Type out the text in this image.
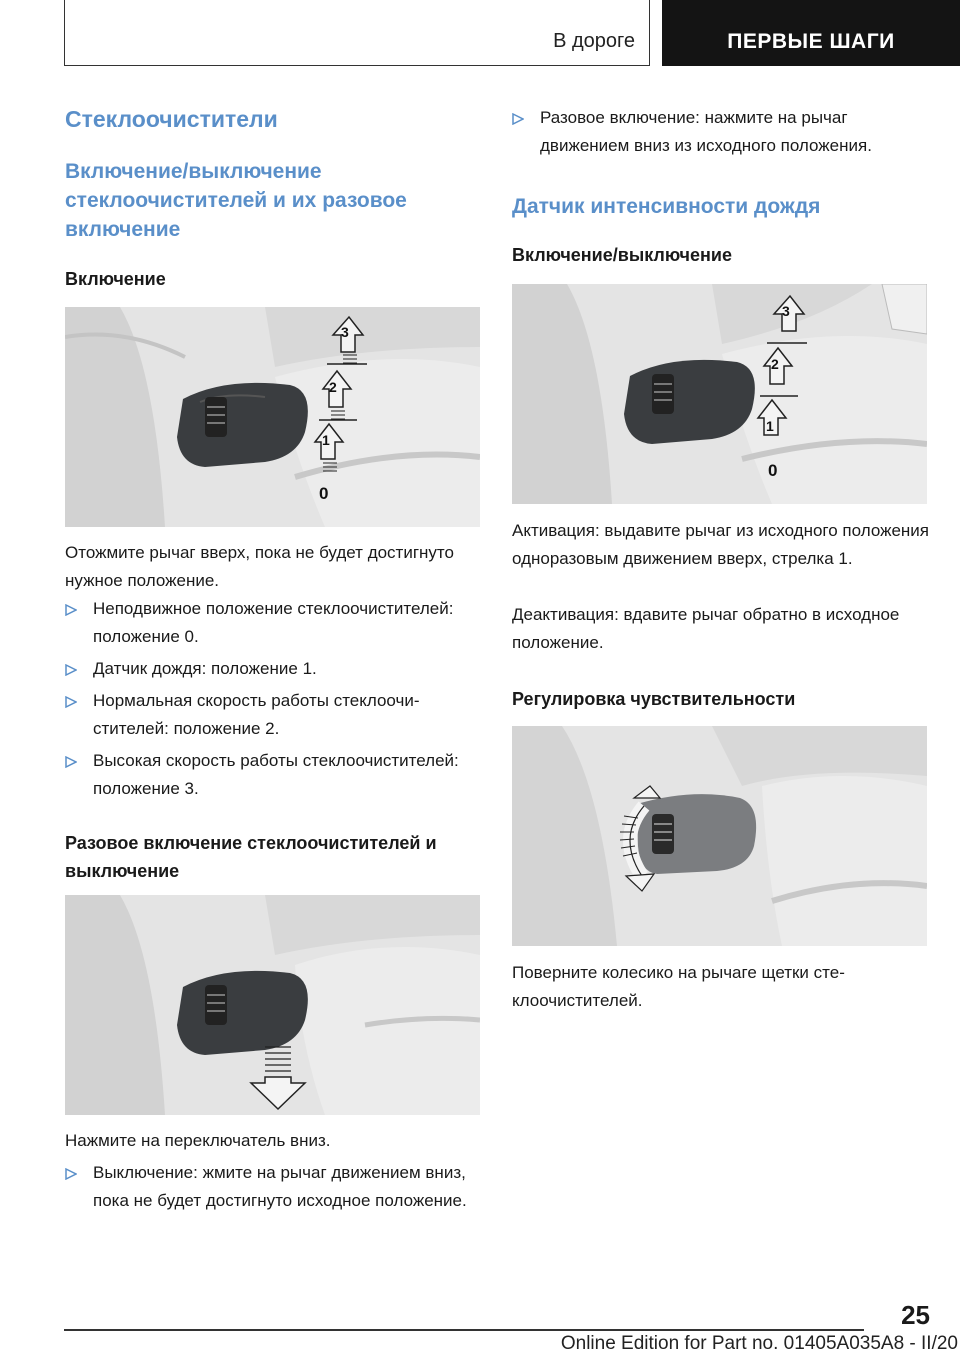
В дороге	ПЕРВЫЕ ШАГИ
Стеклоочистители
Включение/выключение стеклоочистителей и их разовое включение
Включение
3
2
1
0
Отожмите рычаг вверх, пока не будет достигнуто нужное положение.
Неподвижное положение стеклоочистителей: положение 0.
Датчик дождя: положение 1.
Нормальная скорость работы стеклоочистителей: положение 2.
Высокая скорость работы стеклоочистителей: положение 3.
Разовое включение стеклоочистителей и выключение
Нажмите на переключатель вниз.
Выключение: жмите на рычаг движением вниз, пока не будет достигнуто исходное положение.
Разовое включение: нажмите на рычаг движением вниз из исходного положения.
Датчик интенсивности дождя
Включение/выключение
3
2
1
0
Активация: выдавите рычаг из исходного положения одноразовым движением вверх, стрелка 1.
Деактивация: вдавите рычаг обратно в исходное положение.
Регулировка чувствительности
Поверните колесико на рычаге щетки стеклоочистителей.
25
Online Edition for Part no. 01405A035A8 - II/20
